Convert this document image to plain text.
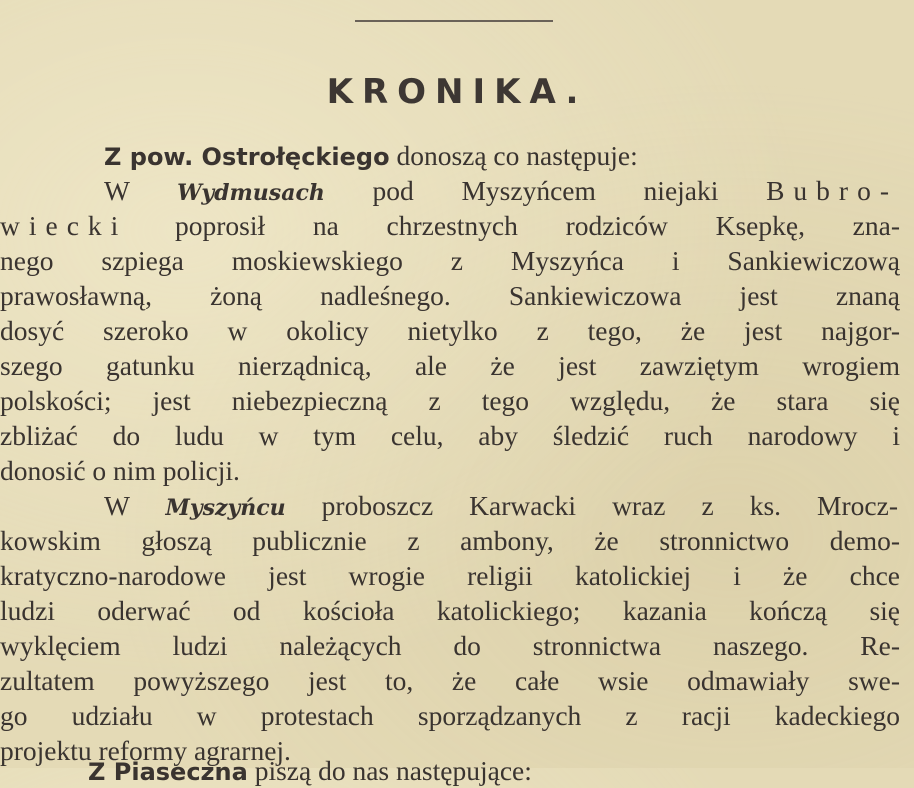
KRONIKA.
Z pow. Ostrołęckiego donoszą co następuje:
W Wydmusach pod Myszyńcem niejaki Bubro-
wiecki poprosił na chrzestnych rodziców Ksepkę, zna-
nego szpiega moskiewskiego z Myszyńca i Sankiewiczową
prawosławną, żoną nadleśnego. Sankiewiczowa jest znaną
dosyć szeroko w okolicy nietylko z tego, że jest najgor-
szego gatunku nierządnicą, ale że jest zawziętym wrogiem
polskości; jest niebezpieczną z tego względu, że stara się
zbliżać do ludu w tym celu, aby śledzić ruch narodowy i
donosić o nim policji.
W Myszyńcu proboszcz Karwacki wraz z ks. Mrocz-
kowskim głoszą publicznie z ambony, że stronnictwo demo-
kratyczno-narodowe jest wrogie religii katolickiej i że chce
ludzi oderwać od kościoła katolickiego; kazania kończą się
wyklęciem ludzi należących do stronnictwa naszego. Re-
zultatem powyższego jest to, że całe wsie odmawiały swe-
go udziału w protestach sporządzanych z racji kadeckiego
projektu reformy agrarnej.
Z Piaseczna piszą do nas następujące:
